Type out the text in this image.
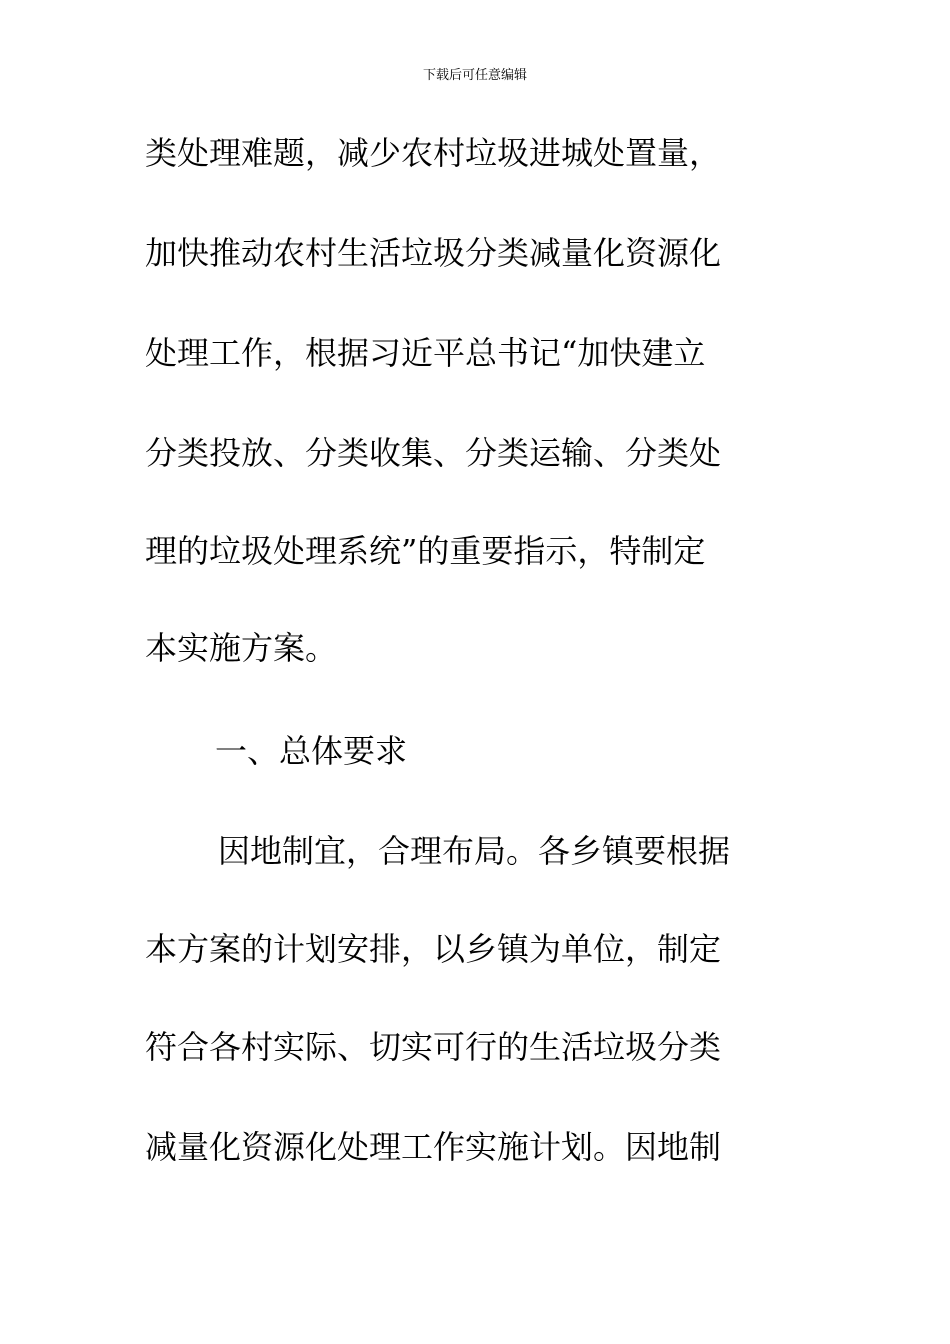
下载后可任意编辑
类处理难题，减少农村垃圾进城处置量，
加快推动农村生活垃圾分类减量化资源化
处理工作，根据习近平总书记“加快建立
分类投放、分类收集、分类运输、分类处
理的垃圾处理系统”的重要指示，特制定
本实施方案。
一、总体要求
因地制宜，合理布局。各乡镇要根据
本方案的计划安排，以乡镇为单位，制定
符合各村实际、切实可行的生活垃圾分类
减量化资源化处理工作实施计划。因地制
